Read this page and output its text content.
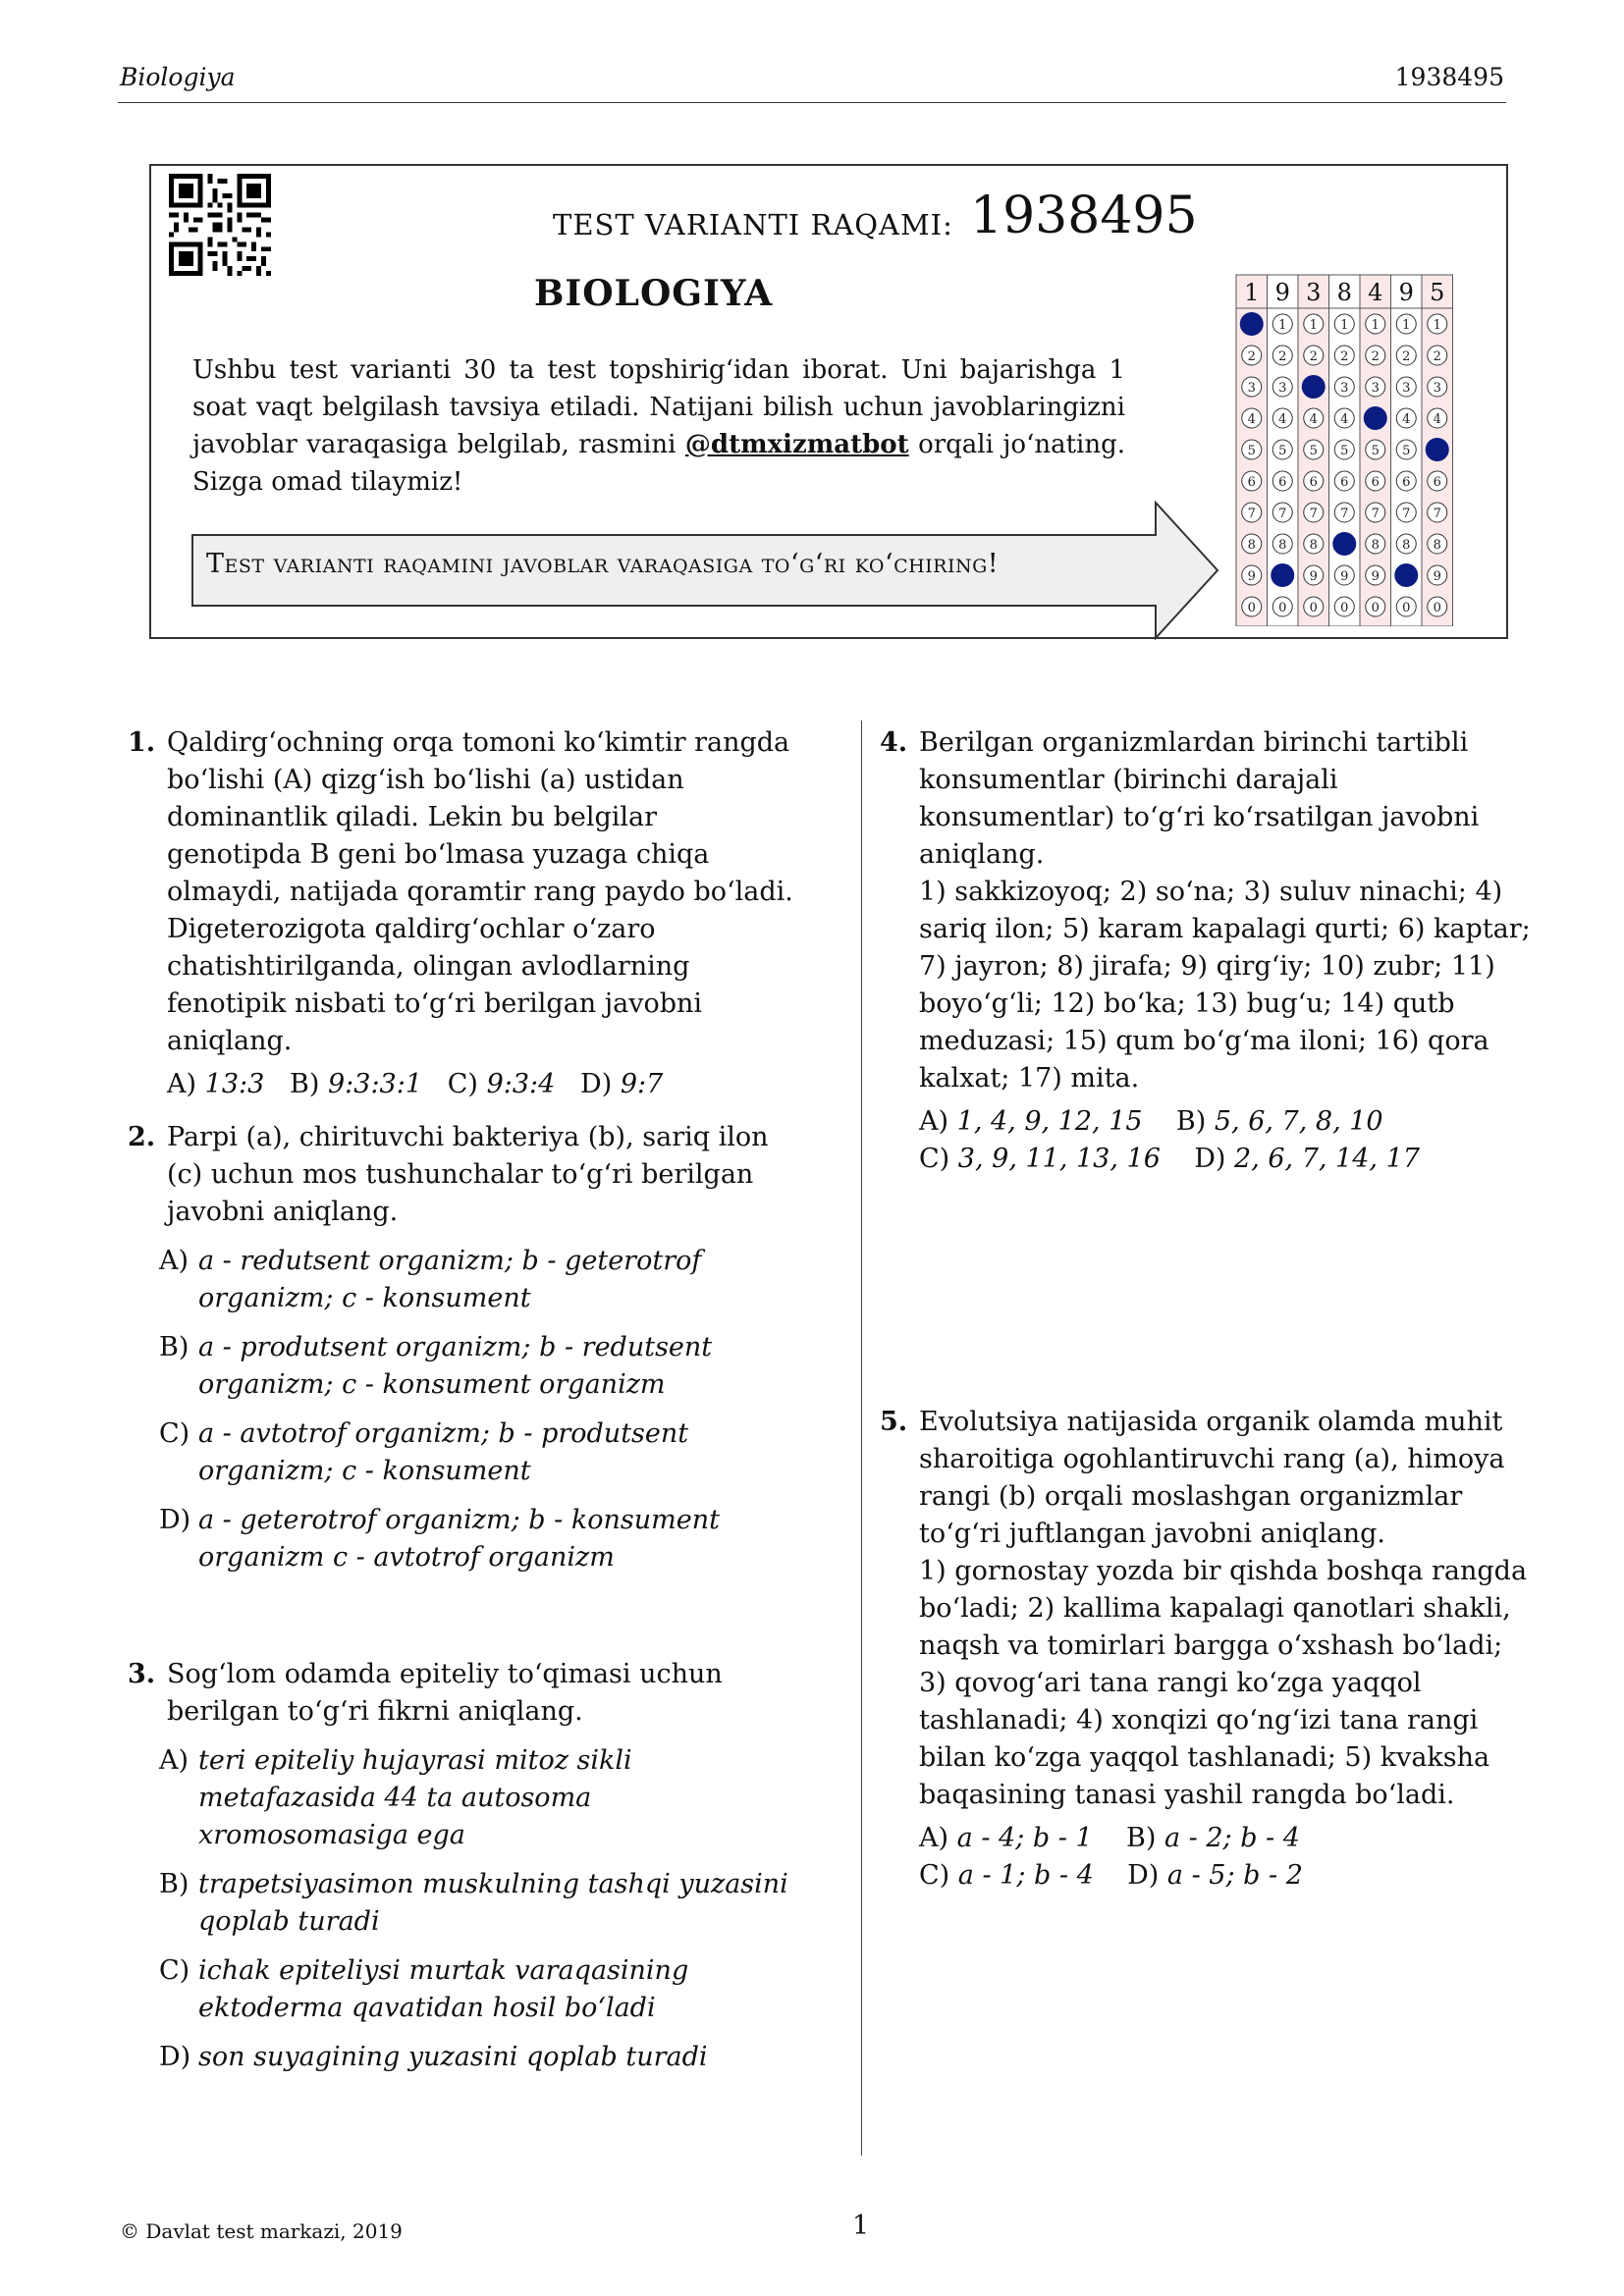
Biologiya	1938495
TEST VARIANTI RAQAMI: 1938495
BIOLOGIYA
Ushbu test varianti 30 ta test topshirig‘idan iborat. Uni bajarishga 1 soat vaqt belgilash tavsiya etiladi. Natijani bilish uchun javoblaringizni javoblar varaqasiga belgilab, rasmini @dtmxizmatbot orqali jo‘nating. Sizga omad tilaymiz!
Test varianti raqamini javoblar varaqasiga to‘g‘ri ko‘chiring!
1
2
3
4
5
6
7
8
9
0
9
1
2
3
4
5
6
7
8
0
3
1
2
4
5
6
7
8
9
0
8
1
2
3
4
5
6
7
9
0
4
1
2
3
5
6
7
8
9
0
9
1
2
3
4
5
6
7
8
0
5
1
2
3
4
6
7
8
9
0
1. Qaldirg‘ochning orqa tomoni ko‘kimtir rangda bo‘lishi (A) qizg‘ish bo‘lishi (a) ustidan dominantlik qiladi. Lekin bu belgilar genotipda B geni bo‘lmasa yuzaga chiqa olmaydi, natijada qoramtir rang paydo bo‘ladi. Digeterozigota qaldirg‘ochlar o‘zaro chatishtirilganda, olingan avlodlarning fenotipik nisbati to‘g‘ri berilgan javobni aniqlang.
A) 13:3 B) 9:3:3:1 C) 9:3:4 D) 9:7
2. Parpi (a), chirituvchi bakteriya (b), sariq ilon (c) uchun mos tushunchalar to‘g‘ri berilgan javobni aniqlang.
A) a - redutsent organizm; b - geterotrof organizm; c - konsument
B) a - produtsent organizm; b - redutsent organizm; c - konsument organizm
C) a - avtotrof organizm; b - produtsent organizm; c - konsument
D) a - geterotrof organizm; b - konsument organizm c - avtotrof organizm
3. Sog‘lom odamda epiteliy to‘qimasi uchun berilgan to‘g‘ri fikrni aniqlang.
A) teri epiteliy hujayrasi mitoz sikli metafazasida 44 ta autosoma xromosomasiga ega
B) trapetsiyasimon muskulning tashqi yuzasini qoplab turadi
C) ichak epiteliysi murtak varaqasining ektoderma qavatidan hosil bo‘ladi
D) son suyagining yuzasini qoplab turadi
4. Berilgan organizmlardan birinchi tartibli konsumentlar (birinchi darajali konsumentlar) to‘g‘ri ko‘rsatilgan javobni aniqlang.
1) sakkizoyoq; 2) so‘na; 3) suluv ninachi; 4) sariq ilon; 5) karam kapalagi qurti; 6) kaptar; 7) jayron; 8) jirafa; 9) qirg‘iy; 10) zubr; 11) boyo‘g‘li; 12) bo‘ka; 13) bug‘u; 14) qutb meduzasi; 15) qum bo‘g‘ma iloni; 16) qora kalxat; 17) mita.
A) 1, 4, 9, 12, 15 B) 5, 6, 7, 8, 10
C) 3, 9, 11, 13, 16 D) 2, 6, 7, 14, 17
5. Evolutsiya natijasida organik olamda muhit sharoitiga ogohlantiruvchi rang (a), himoya rangi (b) orqali moslashgan organizmlar to‘g‘ri juftlangan javobni aniqlang.
1) gornostay yozda bir qishda boshqa rangda bo‘ladi; 2) kallima kapalagi qanotlari shakli, naqsh va tomirlari barggа o‘xshash bo‘ladi; 3) qovog‘ari tana rangi ko‘zga yaqqol tashlanadi; 4) xonqizi qo‘ng‘izi tana rangi bilan ko‘zga yaqqol tashlanadi; 5) kvaksha baqasining tanasi yashil rangda bo‘ladi.
A) a - 4; b - 1 B) a - 2; b - 4
C) a - 1; b - 4 D) a - 5; b - 2
© Davlat test markazi, 2019	1
